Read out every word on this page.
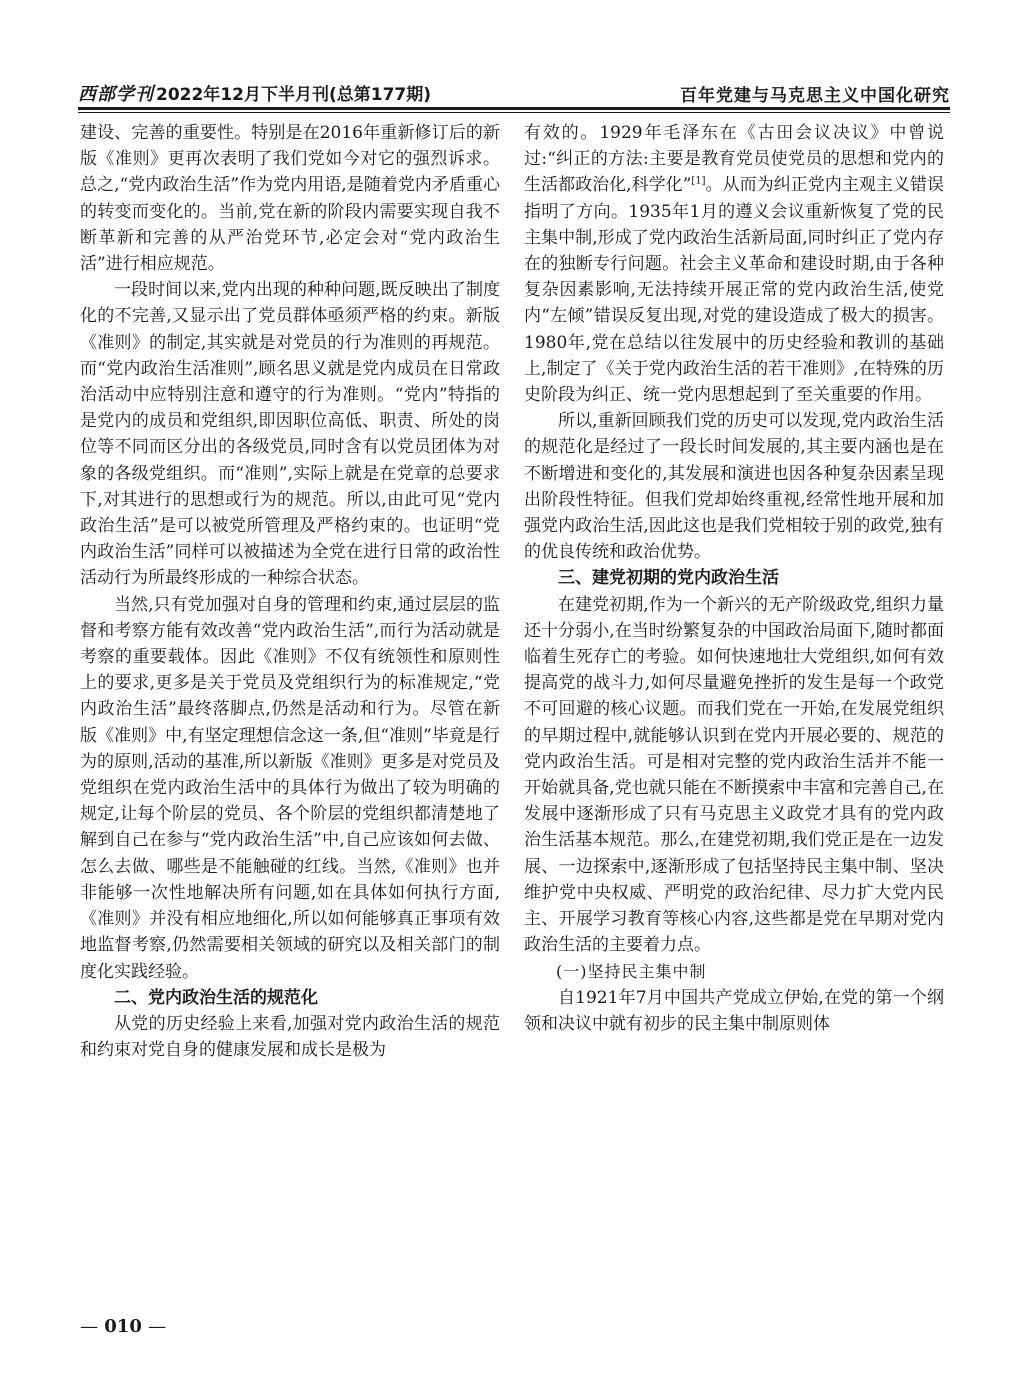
西部学刊 2022年12月下半月刊(总第177期)	百年党建与马克思主义中国化研究

建设、完善的重要性。特别是在2016年重新修订后的新版《准则》更再次表明了我们党如今对它的强烈诉求。总之,“党内政治生活”作为党内用语,是随着党内矛盾重心的转变而变化的。当前,党在新的阶段内需要实现自我不断革新和完善的从严治党环节,必定会对“党内政治生活”进行相应规范。

一段时间以来,党内出现的种种问题,既反映出了制度化的不完善,又显示出了党员群体亟须严格的约束。新版《准则》的制定,其实就是对党员的行为准则的再规范。而“党内政治生活准则”,顾名思义就是党内成员在日常政治活动中应特别注意和遵守的行为准则。“党内”特指的是党内的成员和党组织,即因职位高低、职责、所处的岗位等不同而区分出的各级党员,同时含有以党员团体为对象的各级党组织。而“准则”,实际上就是在党章的总要求下,对其进行的思想或行为的规范。所以,由此可见“党内政治生活”是可以被党所管理及严格约束的。也证明“党内政治生活”同样可以被描述为全党在进行日常的政治性活动行为所最终形成的一种综合状态。

当然,只有党加强对自身的管理和约束,通过层层的监督和考察方能有效改善“党内政治生活”,而行为活动就是考察的重要载体。因此《准则》不仅有统领性和原则性上的要求,更多是关于党员及党组织行为的标准规定,“党内政治生活”最终落脚点,仍然是活动和行为。尽管在新版《准则》中,有坚定理想信念这一条,但“准则”毕竟是行为的原则,活动的基准,所以新版《准则》更多是对党员及党组织在党内政治生活中的具体行为做出了较为明确的规定,让每个阶层的党员、各个阶层的党组织都清楚地了解到自己在参与“党内政治生活”中,自己应该如何去做、怎么去做、哪些是不能触碰的红线。当然,《准则》也并非能够一次性地解决所有问题,如在具体如何执行方面,《准则》并没有相应地细化,所以如何能够真正事项有效地监督考察,仍然需要相关领域的研究以及相关部门的制度化实践经验。

二、党内政治生活的规范化

从党的历史经验上来看,加强对党内政治生活的规范和约束对党自身的健康发展和成长是极为

有效的。1929年毛泽东在《古田会议决议》中曾说过:“纠正的方法:主要是教育党员使党员的思想和党内的生活都政治化,科学化”[1]。从而为纠正党内主观主义错误指明了方向。1935年1月的遵义会议重新恢复了党的民主集中制,形成了党内政治生活新局面,同时纠正了党内存在的独断专行问题。社会主义革命和建设时期,由于各种复杂因素影响,无法持续开展正常的党内政治生活,使党内“左倾”错误反复出现,对党的建设造成了极大的损害。1980年,党在总结以往发展中的历史经验和教训的基础上,制定了《关于党内政治生活的若干准则》,在特殊的历史阶段为纠正、统一党内思想起到了至关重要的作用。

所以,重新回顾我们党的历史可以发现,党内政治生活的规范化是经过了一段长时间发展的,其主要内涵也是在不断增进和变化的,其发展和演进也因各种复杂因素呈现出阶段性特征。但我们党却始终重视,经常性地开展和加强党内政治生活,因此这也是我们党相较于别的政党,独有的优良传统和政治优势。

三、建党初期的党内政治生活

在建党初期,作为一个新兴的无产阶级政党,组织力量还十分弱小,在当时纷繁复杂的中国政治局面下,随时都面临着生死存亡的考验。如何快速地壮大党组织,如何有效提高党的战斗力,如何尽量避免挫折的发生是每一个政党不可回避的核心议题。而我们党在一开始,在发展党组织的早期过程中,就能够认识到在党内开展必要的、规范的党内政治生活。可是相对完整的党内政治生活并不能一开始就具备,党也就只能在不断摸索中丰富和完善自己,在发展中逐渐形成了只有马克思主义政党才具有的党内政治生活基本规范。那么,在建党初期,我们党正是在一边发展、一边探索中,逐渐形成了包括坚持民主集中制、坚决维护党中央权威、严明党的政治纪律、尽力扩大党内民主、开展学习教育等核心内容,这些都是党在早期对党内政治生活的主要着力点。

(一)坚持民主集中制

自1921年7月中国共产党成立伊始,在党的第一个纲领和决议中就有初步的民主集中制原则体

— 010 —
